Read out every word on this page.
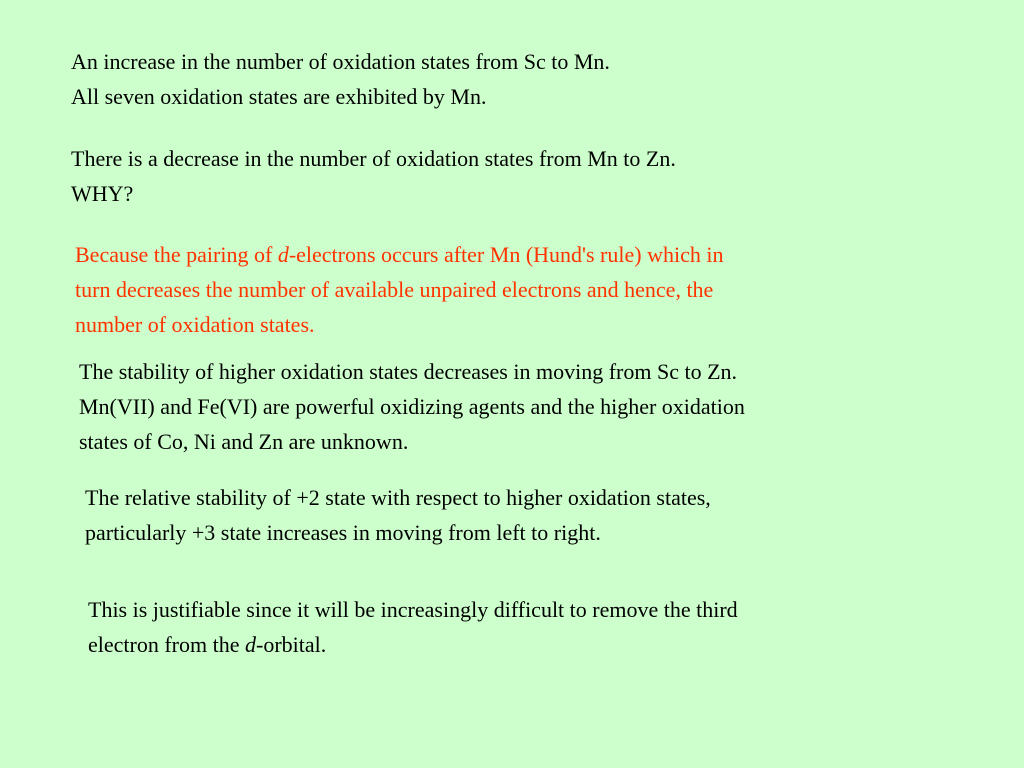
An increase in the number of oxidation states from Sc to Mn.
All seven oxidation states are exhibited by Mn.

There is a decrease in the number of oxidation states from Mn to Zn.
WHY?

Because the pairing of d-electrons occurs after Mn (Hund's rule) which in
turn decreases the number of available unpaired electrons and hence, the
number of oxidation states.

The stability of higher oxidation states decreases in moving from Sc to Zn.
Mn(VII) and Fe(VI) are powerful oxidizing agents and the higher oxidation
states of Co, Ni and Zn are unknown.

The relative stability of +2 state with respect to higher oxidation states,
particularly +3 state increases in moving from left to right.

This is justifiable since it will be increasingly difficult to remove the third
electron from the d-orbital.
